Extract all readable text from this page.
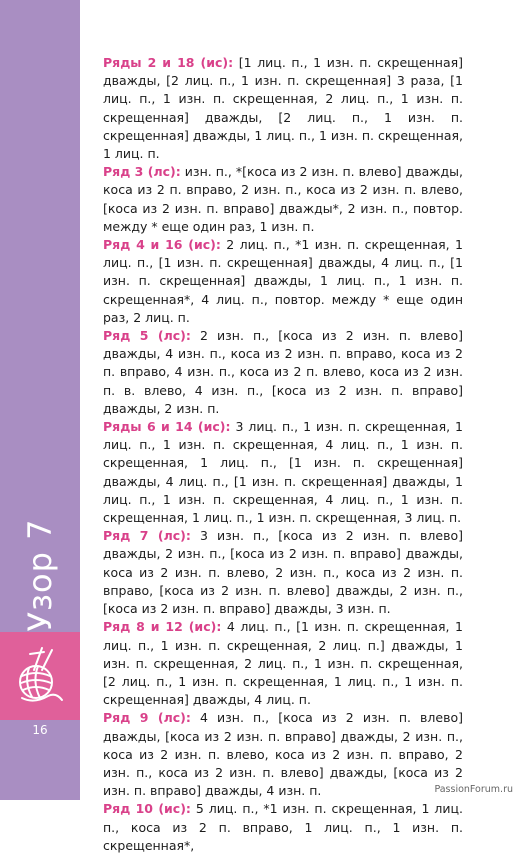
Узор 7
16

Ряды 2 и 18 (ис): [1 лиц. п., 1 изн. п. скрещенная] дважды, [2 лиц. п., 1 изн. п. скрещенная] 3 раза, [1 лиц. п., 1 изн. п. скрещенная, 2 лиц. п., 1 изн. п. скрещенная] дважды, [2 лиц. п., 1 изн. п. скрещенная] дважды, 1 лиц. п., 1 изн. п. скрещенная, 1 лиц. п.

Ряд 3 (лс): изн. п., *[коса из 2 изн. п. влево] дважды, коса из 2 п. вправо, 2 изн. п., коса из 2 изн. п. влево, [коса из 2 изн. п. вправо] дважды*, 2 изн. п., повтор. между * еще один раз, 1 изн. п.

Ряд 4 и 16 (ис): 2 лиц. п., *1 изн. п. скрещенная, 1 лиц. п., [1 изн. п. скрещенная] дважды, 4 лиц. п., [1 изн. п. скрещенная] дважды, 1 лиц. п., 1 изн. п. скрещенная*, 4 лиц. п., повтор. между * еще один раз, 2 лиц. п.

Ряд 5 (лс): 2 изн. п., [коса из 2 изн. п. влево] дважды, 4 изн. п., коса из 2 изн. п. вправо, коса из 2 п. вправо, 4 изн. п., коса из 2 п. влево, коса из 2 изн. п. в. влево, 4 изн. п., [коса из 2 изн. п. вправо] дважды, 2 изн. п.

Ряды 6 и 14 (ис): 3 лиц. п., 1 изн. п. скрещенная, 1 лиц. п., 1 изн. п. скрещенная, 4 лиц. п., 1 изн. п. скрещенная, 1 лиц. п., [1 изн. п. скрещенная] дважды, 4 лиц. п., [1 изн. п. скрещенная] дважды, 1 лиц. п., 1 изн. п. скрещенная, 4 лиц. п., 1 изн. п. скрещенная, 1 лиц. п., 1 изн. п. скрещенная, 3 лиц. п.

Ряд 7 (лс): 3 изн. п., [коса из 2 изн. п. влево] дважды, 2 изн. п., [коса из 2 изн. п. вправо] дважды, коса из 2 изн. п. влево, 2 изн. п., коса из 2 изн. п. вправо, [коса из 2 изн. п. влево] дважды, 2 изн. п., [коса из 2 изн. п. вправо] дважды, 3 изн. п.

Ряд 8 и 12 (ис): 4 лиц. п., [1 изн. п. скрещенная, 1 лиц. п., 1 изн. п. скрещенная, 2 лиц. п.] дважды, 1 изн. п. скрещенная, 2 лиц. п., 1 изн. п. скрещенная, [2 лиц. п., 1 изн. п. скрещенная, 1 лиц. п., 1 изн. п. скрещенная] дважды, 4 лиц. п.

Ряд 9 (лс): 4 изн. п., [коса из 2 изн. п. влево] дважды, [коса из 2 изн. п. вправо] дважды, 2 изн. п., коса из 2 изн. п. влево, коса из 2 изн. п. вправо, 2 изн. п., коса из 2 изн. п. влево] дважды, [коса из 2 изн. п. вправо] дважды, 4 изн. п.

Ряд 10 (ис): 5 лиц. п., *1 изн. п. скрещенная, 1 лиц. п., коса из 2 п. вправо, 1 лиц. п., 1 изн. п. скрещенная*,

PassionForum.ru
